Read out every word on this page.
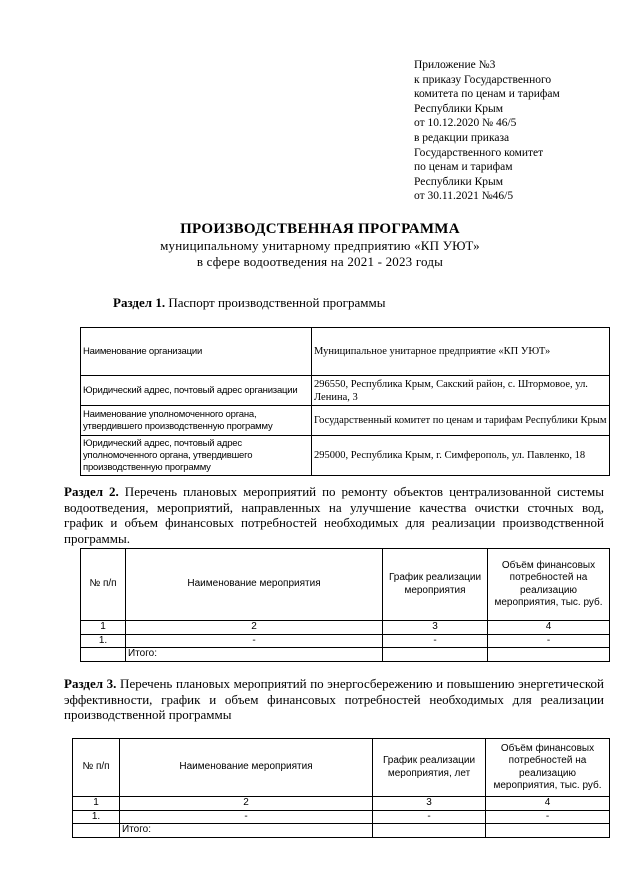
Приложение №3
к приказу Государственного
комитета по ценам и тарифам
Республики Крым
от 10.12.2020 № 46/5
в редакции приказа
Государственного комитет
по ценам и тарифам
Республики Крым
от 30.11.2021 №46/5
ПРОИЗВОДСТВЕННАЯ ПРОГРАММА
муниципальному унитарному предприятию «КП УЮТ»
в сфере водоотведения на 2021 - 2023 годы
Раздел 1. Паспорт производственной программы
Наименование организации	Муниципальное унитарное предприятие «КП УЮТ»
Юридический адрес, почтовый адрес организации	296550, Республика Крым, Сакский район, с. Штормовое, ул. Ленина, 3
Наименование уполномоченного органа, утвердившего производственную программу	Государственный комитет по ценам и тарифам Республики Крым
Юридический адрес, почтовый адрес уполномоченного органа, утвердившего производственную программу	295000, Республика Крым, г. Симферополь, ул. Павленко, 18
Раздел 2. Перечень плановых мероприятий по ремонту объектов централизованной системы водоотведения, мероприятий, направленных на улучшение качества очистки сточных вод, график и объем финансовых потребностей необходимых для реализации производственной программы.
№ п/п	Наименование мероприятия	График реализации мероприятия	Объём финансовых потребностей на реализацию мероприятия, тыс. руб.
1	2	3	4
1.	-	-	-
	Итого:		
Раздел 3. Перечень плановых мероприятий по энергосбережению и повышению энергетической эффективности, график и объем финансовых потребностей необходимых для реализации производственной программы
№ п/п	Наименование мероприятия	График реализации мероприятия, лет	Объём финансовых потребностей на реализацию мероприятия, тыс. руб.
1	2	3	4
1.	-	-	-
	Итого:		
